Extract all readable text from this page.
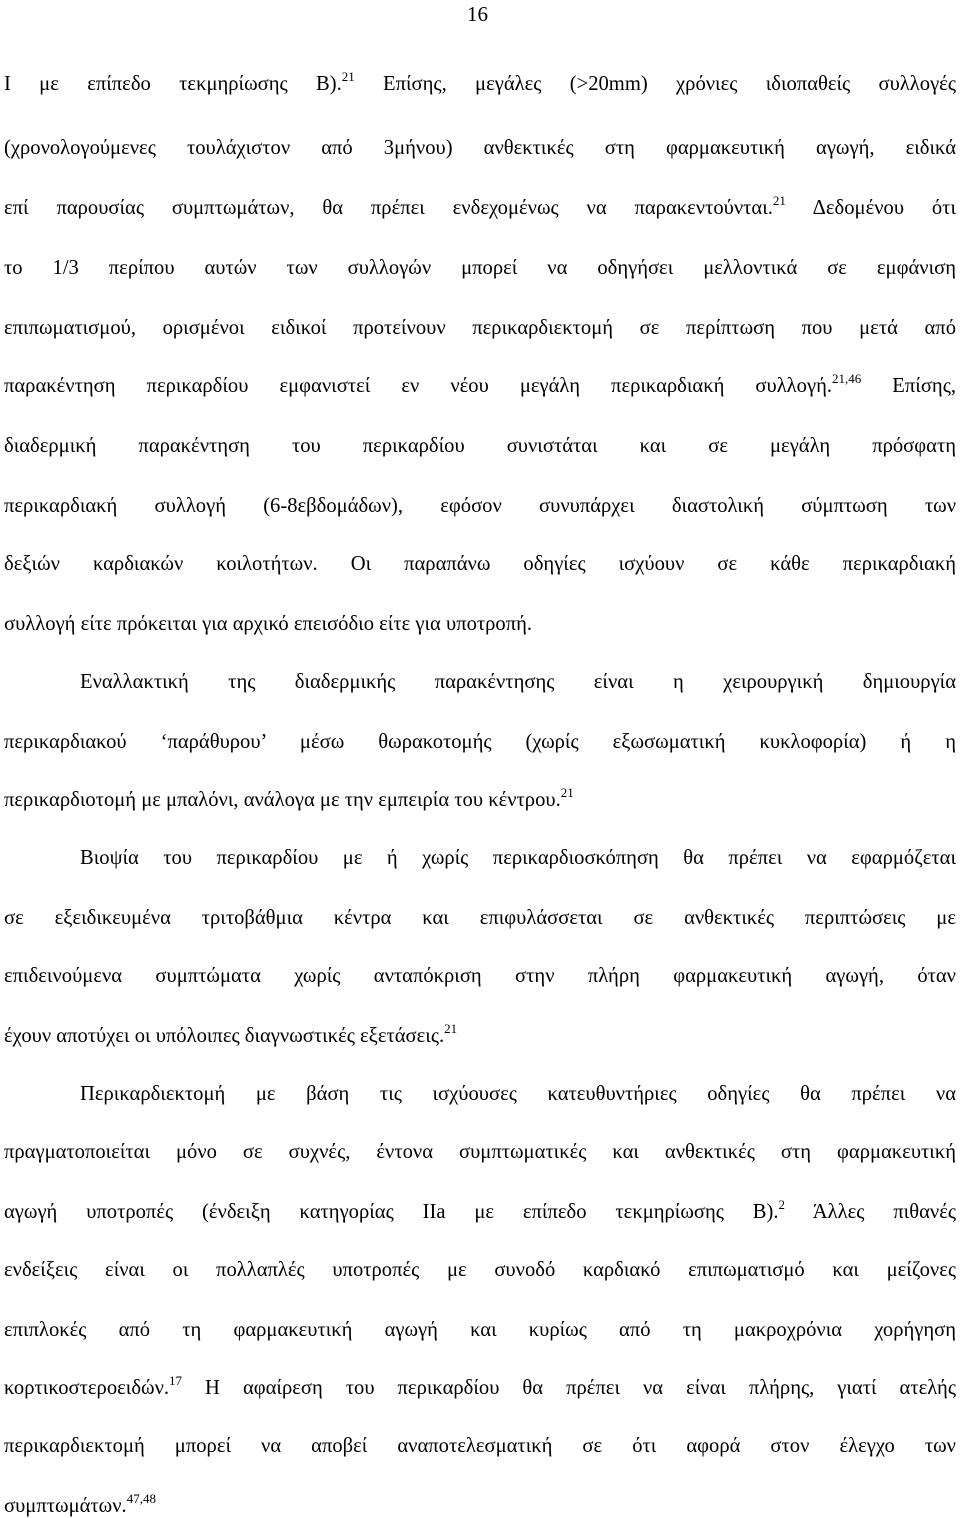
16
Ι με επίπεδο τεκμηρίωσης Β).$^{21}$ Επίσης, μεγάλες (>20mm) χρόνιες ιδιοπαθείς συλλογές
(χρονολογούμενες τουλάχιστον από 3μήνου) ανθεκτικές στη φαρμακευτική αγωγή, ειδικά
επί παρουσίας συμπτωμάτων, θα πρέπει ενδεχομένως να παρακεντούνται.$^{21}$ Δεδομένου ότι
το 1/3 περίπου αυτών των συλλογών μπορεί να οδηγήσει μελλοντικά σε εμφάνιση
επιπωματισμού, ορισμένοι ειδικοί προτείνουν περικαρδιεκτομή σε περίπτωση που μετά από
παρακέντηση περικαρδίου εμφανιστεί εν νέου μεγάλη περικαρδιακή συλλογή.$^{21,46}$ Επίσης,
διαδερμική παρακέντηση του περικαρδίου συνιστάται και σε μεγάλη πρόσφατη
περικαρδιακή συλλογή (6-8εβδομάδων), εφόσον συνυπάρχει διαστολική σύμπτωση των
δεξιών καρδιακών κοιλοτήτων. Οι παραπάνω οδηγίες ισχύουν σε κάθε περικαρδιακή
συλλογή είτε πρόκειται για αρχικό επεισόδιο είτε για υποτροπή.
Εναλλακτική της διαδερμικής παρακέντησης είναι η χειρουργική δημιουργία
περικαρδιακού ‘παράθυρου’ μέσω θωρακοτομής (χωρίς εξωσωματική κυκλοφορία) ή η
περικαρδιοτομή με μπαλόνι, ανάλογα με την εμπειρία του κέντρου.$^{21}$
Βιοψία του περικαρδίου με ή χωρίς περικαρδιοσκόπηση θα πρέπει να εφαρμόζεται
σε εξειδικευμένα τριτοβάθμια κέντρα και επιφυλάσσεται σε ανθεκτικές περιπτώσεις με
επιδεινούμενα συμπτώματα χωρίς ανταπόκριση στην πλήρη φαρμακευτική αγωγή, όταν
έχουν αποτύχει οι υπόλοιπες διαγνωστικές εξετάσεις.$^{21}$
Περικαρδιεκτομή με βάση τις ισχύουσες κατευθυντήριες οδηγίες θα πρέπει να
πραγματοποιείται μόνο σε συχνές, έντονα συμπτωματικές και ανθεκτικές στη φαρμακευτική
αγωγή υποτροπές (ένδειξη κατηγορίας ΙΙa με επίπεδο τεκμηρίωσης Β).$^2$ Άλλες πιθανές
ενδείξεις είναι οι πολλαπλές υποτροπές με συνοδό καρδιακό επιπωματισμό και μείζονες
επιπλοκές από τη φαρμακευτική αγωγή και κυρίως από τη μακροχρόνια χορήγηση
κορτικοστεροειδών.$^{17}$ Η αφαίρεση του περικαρδίου θα πρέπει να είναι πλήρης, γιατί ατελής
περικαρδιεκτομή μπορεί να αποβεί αναποτελεσματική σε ότι αφορά στον έλεγχο των
συμπτωμάτων.$^{47,48}$
